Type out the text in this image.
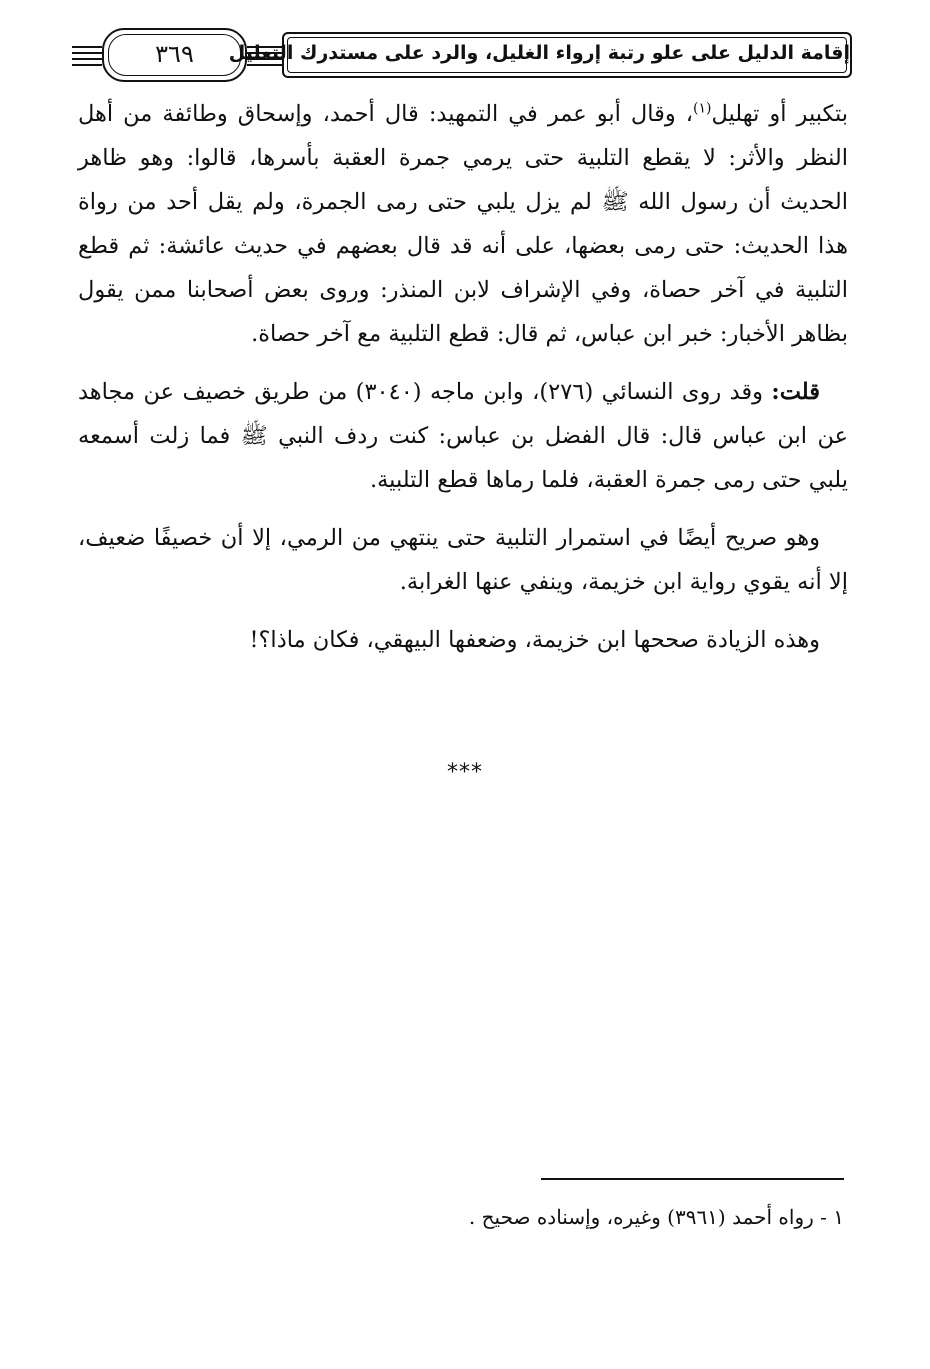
٣٦٩	إقامة الدليل على علو رتبة إرواء الغليل، والرد على مستدرك التعليل

بتكبير أو تهليل$^{(١)}$، وقال أبو عمر في التمهيد: قال أحمد، وإسحاق وطائفة من أهل النظر والأثر: لا يقطع التلبية حتى يرمي جمرة العقبة بأسرها، قالوا: وهو ظاهر الحديث أن رسول الله ﷺ لم يزل يلبي حتى رمى الجمرة، ولم يقل أحد من رواة هذا الحديث: حتى رمى بعضها، على أنه قد قال بعضهم في حديث عائشة: ثم قطع التلبية في آخر حصاة، وفي الإشراف لابن المنذر: وروى بعض أصحابنا ممن يقول بظاهر الأخبار: خبر ابن عباس، ثم قال: قطع التلبية مع آخر حصاة.

قلت: وقد روى النسائي (٢٧٦)، وابن ماجه (٣٠٤٠) من طريق خصيف عن مجاهد عن ابن عباس قال: قال الفضل بن عباس: كنت ردف النبي ﷺ فما زلت أسمعه يلبي حتى رمى جمرة العقبة، فلما رماها قطع التلبية.

وهو صريح أيضًا في استمرار التلبية حتى ينتهي من الرمي، إلا أن خصيفًا ضعيف، إلا أنه يقوي رواية ابن خزيمة، وينفي عنها الغرابة.

وهذه الزيادة صححها ابن خزيمة، وضعفها البيهقي، فكان ماذا؟!

***
١ - رواه أحمد (٣٩٦١) وغيره، وإسناده صحيح .
